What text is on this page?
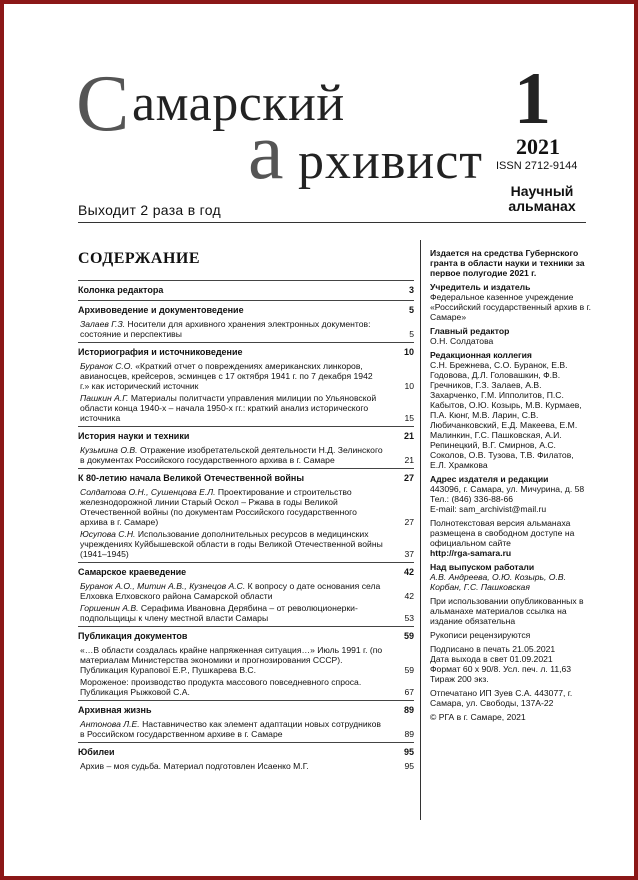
С амарский
а рхивист
1
2021
ISSN 2712-9144
Научный альманах
Выходит 2 раза в год
СОДЕРЖАНИЕ
Колонка редактора	3
Архивоведение и документоведение	5
Залаев Г.З. Носители для архивного хранения электронных документов: состояние и перспективы	5
Историография и источниковедение	10
Буранок С.О. «Краткий отчет о повреждениях американских линкоров, авианосцев, крейсеров, эсминцев с 17 октября 1941 г. по 7 декабря 1942 г.» как исторический источник	10
Пашкин А.Г. Материалы политчасти управления милиции по Ульяновской области конца 1940-х – начала 1950-х гг.: краткий анализ исторического источника	15
История науки и техники	21
Кузьмина О.В. Отражение изобретательской деятельности Н.Д. Зелинского в документах Российского государственного архива в г. Самаре	21
К 80-летию начала Великой Отечественной войны	27
Солдатова О.Н., Сушенцова Е.Л. Проектирование и строительство железнодорожной линии Старый Оскол – Ржава в годы Великой Отечественной войны (по документам Российского государственного архива в г. Самаре)	27
Юсупова С.Н. Использование дополнительных ресурсов в медицинских учреждениях Куйбышевской области в годы Великой Отечественной войны (1941–1945)	37
Самарское краеведение	42
Буранок А.О., Митин А.В., Кузнецов А.С. К вопросу о дате основания села Елховка Елховского района Самарской области	42
Горшенин А.В. Серафима Ивановна Дерябина – от революционерки-подпольщицы к члену местной власти Самары	53
Публикация документов	59
«…В области создалась крайне напряженная ситуация…» Июль 1991 г. (по материалам Министерства экономики и прогнозирования СССР). Публикация Курапової Е.Р., Пушкарева В.С.	59
Мороженое: производство продукта массового повседневного спроса. Публикация Рыжковой С.А.	67
Архивная жизнь	89
Антонова Л.Е. Наставничество как элемент адаптации новых сотрудников в Российском государственном архиве в г. Самаре	89
Юбилеи	95
Архив – моя судьба. Материал подготовлен Исаенко М.Г.	95
Издается на средства Губернского гранта в области науки и техники за первое полугодие 2021 г.
Учредитель и издатель
Федеральное казенное учреждение «Российский государственный архив в г. Самаре»
Главный редактор
О.Н. Солдатова
Редакционная коллегия
С.Н. Брежнева, С.О. Буранок, Е.В. Годовова, Д.Л. Головашкин, Ф.В. Гречников, Г.З. Залаев, А.В. Захарченко, Г.М. Ипполитов, П.С. Кабытов, О.Ю. Козырь, М.В. Курмаев, П.А. Кюнг, М.В. Ларин, С.В. Любичанковский, Е.Д. Макеева, Е.М. Малинкин, Г.С. Пашковская, А.И. Репинецкий, В.Г. Смирнов, А.С. Соколов, О.В. Тузова, Т.В. Филатов, Е.Л. Храмкова
Адрес издателя и редакции
443096, г. Самара, ул. Мичурина, д. 58
Тел.: (846) 336-88-66
E-mail: sam_archivist@mail.ru
Полнотекстовая версия альманаха размещена в свободном доступе на официальном сайте
http://rga-samara.ru
Над выпуском работали
А.В. Андреева, О.Ю. Козырь, О.В. Корбан, Г.С. Пашковская
При использовании опубликованных в альманахе материалов ссылка на издание обязательна
Рукописи рецензируются
Подписано в печать 21.05.2021
Дата выхода в свет 01.09.2021
Формат 60 х 90/8. Усл. печ. л. 11,63
Тираж 200 экз.
Отпечатано ИП Зуев С.А. 443077, г. Самара, ул. Свободы, 137А-22
© РГА в г. Самаре, 2021
